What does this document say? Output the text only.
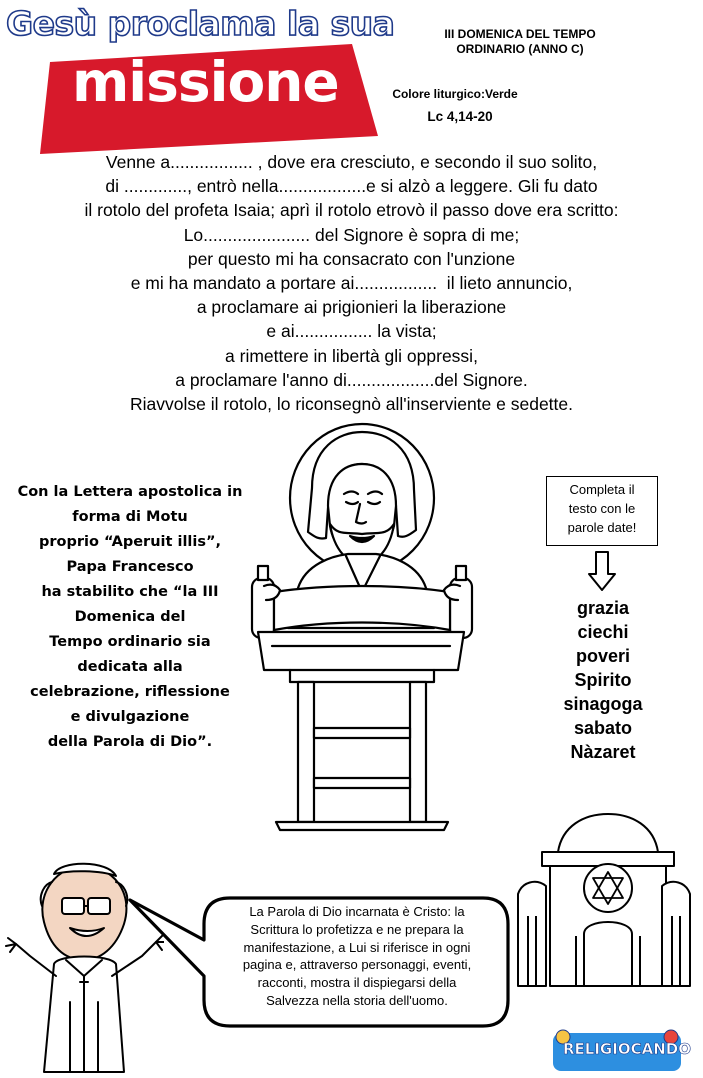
Gesù proclama la sua
missione
III DOMENICA DEL TEMPO
ORDINARIO (ANNO C)
Colore liturgico:Verde
Lc 4,14-20
Venne a................. , dove era cresciuto, e secondo il suo solito,
di ............., entrò nella..................e si alzò a leggere. Gli fu dato
il rotolo del profeta Isaia; aprì il rotolo etrovò il passo dove era scritto:
Lo...................... del Signore è sopra di me;
per questo mi ha consacrato con l'unzione
e mi ha mandato a portare ai.................  il lieto annuncio,
a proclamare ai prigionieri la liberazione
e ai................ la vista;
a rimettere in libertà gli oppressi,
a proclamare l'anno di..................del Signore.
Riavvolse il rotolo, lo riconsegnò all'inserviente e sedette.
Con la Lettera apostolica in
forma di Motu
proprio “Aperuit illis”,
Papa Francesco
ha stabilito che “la III
Domenica del
Tempo ordinario sia
dedicata alla
celebrazione, riflessione
e divulgazione
della Parola di Dio”.
Completa il
testo con le
parole date!
grazia
ciechi
poveri
Spirito
sinagoga
sabato
Nàzaret
La Parola di Dio incarnata è Cristo: la
Scrittura lo profetizza e ne prepara la
manifestazione, a Lui si riferisce in ogni
pagina e, attraverso personaggi, eventi,
racconti, mostra il dispiegarsi della
Salvezza nella storia dell'uomo.
RELIGIOCANDO
